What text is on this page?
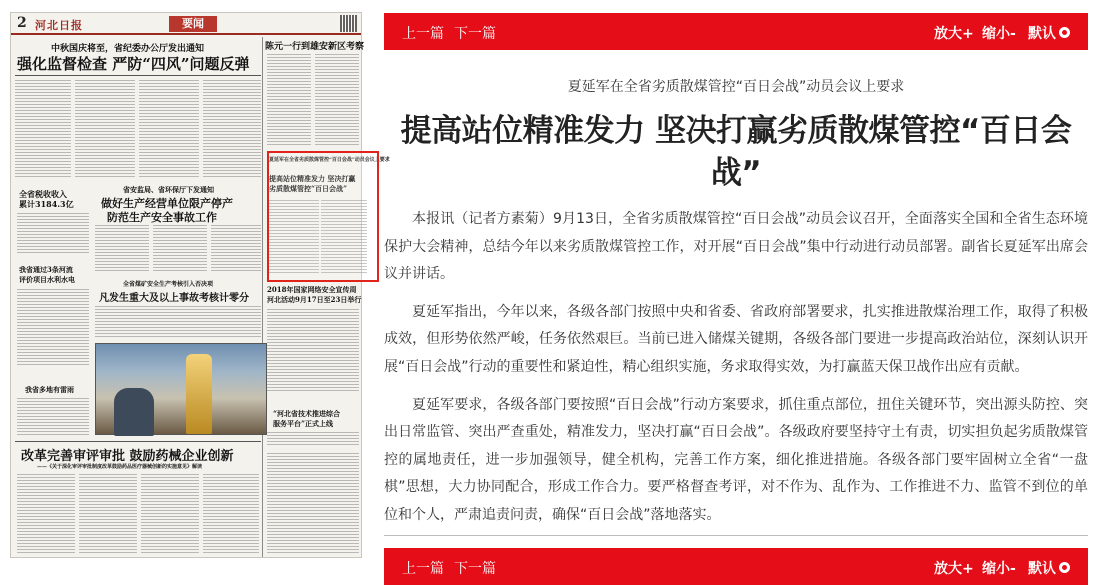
2 河北日报	要闻
中秋国庆将至，省纪委办公厅发出通知
强化监督检查 严防“四风”问题反弹
陈元一行到雄安新区考察
夏延军在全省劣质散煤管控“百日会战”动员会议上要求
提高站位精准发力 坚决打赢
劣质散煤管控“百日会战”
省安监局、省环保厅下发通知
做好生产经营单位限产停产
防范生产安全事故工作
全省税收收入
累计3184.3亿
我省通过3条河流
评价项目水利水电
我省多地有雷雨
全省煤矿安全生产考核引入否决项
凡发生重大及以上事故考核计零分
2018年国家网络安全宣传周
河北活动9月17日至23日举行
“河北省技术推进综合
服务平台”正式上线
改革完善审评审批 鼓励药械企业创新
——《关于深化审评审批制度改革鼓励药品医疗器械创新的实施意见》解读
上一篇 下一篇	放大+ 缩小- 默认
夏延军在全省劣质散煤管控“百日会战”动员会议上要求
提高站位精准发力 坚决打赢劣质散煤管控“百日会战”

本报讯（记者方素菊）9月13日，全省劣质散煤管控“百日会战”动员会议召开，全面落实全国和全省生态环境保护大会精神，总结今年以来劣质散煤管控工作，对开展“百日会战”集中行动进行动员部署。副省长夏延军出席会议并讲话。

夏延军指出，今年以来，各级各部门按照中央和省委、省政府部署要求，扎实推进散煤治理工作，取得了积极成效，但形势依然严峻，任务依然艰巨。当前已进入储煤关键期，各级各部门要进一步提高政治站位，深刻认识开展“百日会战”行动的重要性和紧迫性，精心组织实施，务求取得实效，为打赢蓝天保卫战作出应有贡献。

夏延军要求，各级各部门要按照“百日会战”行动方案要求，抓住重点部位，扭住关键环节，突出源头防控、突出日常监管、突出严查重处，精准发力，坚决打赢“百日会战”。各级政府要坚持守土有责，切实担负起劣质散煤管控的属地责任，进一步加强领导，健全机构，完善工作方案，细化推进措施。各级各部门要牢固树立全省“一盘棋”思想，大力协同配合，形成工作合力。要严格督查考评，对不作为、乱作为、工作推进不力、监管不到位的单位和个人，严肃追责问责，确保“百日会战”落地落实。

上一篇 下一篇	放大+ 缩小- 默认
